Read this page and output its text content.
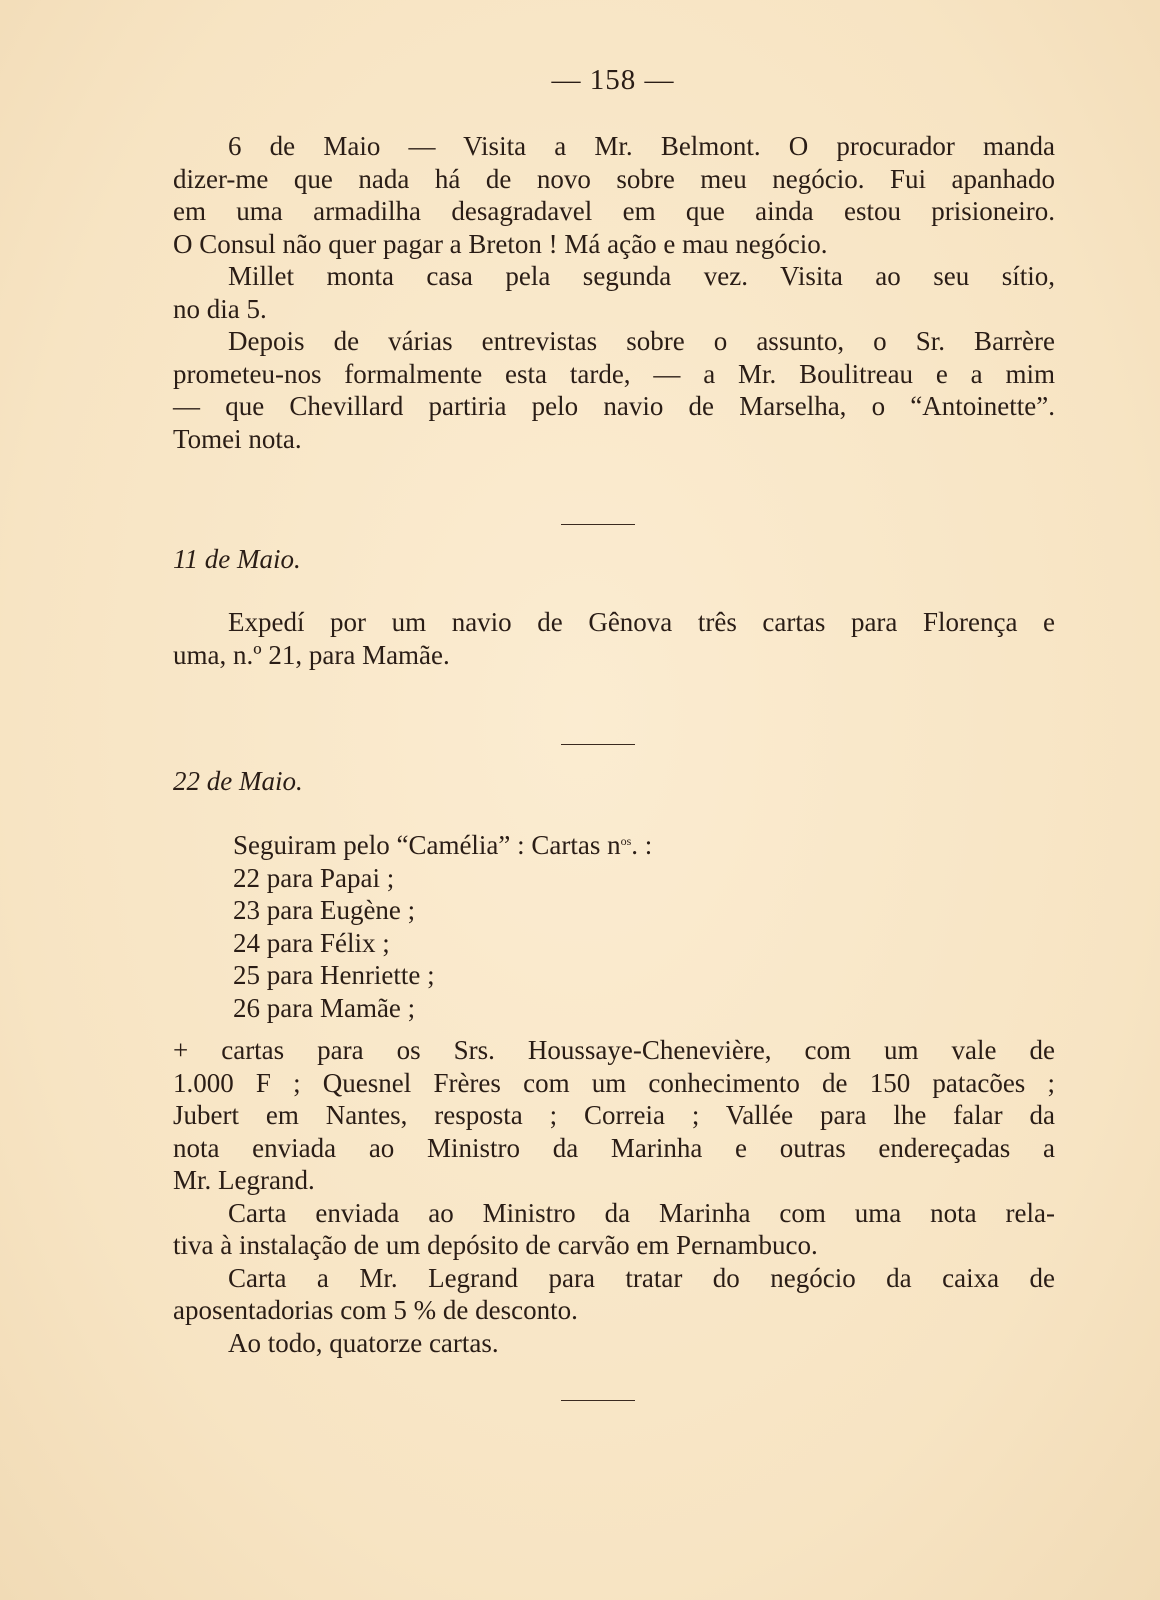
— 158 —
6 de Maio — Visita a Mr. Belmont. O procurador manda
dizer-me que nada há de novo sobre meu negócio. Fui apanhado
em uma armadilha desagradavel em que ainda estou prisioneiro.
O Consul não quer pagar a Breton ! Má ação e mau negócio.
Millet monta casa pela segunda vez. Visita ao seu sítio,
no dia 5.
Depois de várias entrevistas sobre o assunto, o Sr. Barrère
prometeu-nos formalmente esta tarde, — a Mr. Boulitreau e a mim
— que Chevillard partiria pelo navio de Marselha, o “Antoinette”.
Tomei nota.
11 de Maio.
Expedí por um navio de Gênova três cartas para Florença e
uma, n.º 21, para Mamãe.
22 de Maio.
Seguiram pelo “Camélia” : Cartas $n^{os}$. :
22 para Papai ;
23 para Eugène ;
24 para Félix ;
25 para Henriette ;
26 para Mamãe ;
+ cartas para os Srs. Houssaye-Chenevière, com um vale de
1.000 F ; Quesnel Frères com um conhecimento de 150 patacões ;
Jubert em Nantes, resposta ; Correia ; Vallée para lhe falar da
nota enviada ao Ministro da Marinha e outras endereçadas a
Mr. Legrand.
Carta enviada ao Ministro da Marinha com uma nota rela-
tiva à instalação de um depósito de carvão em Pernambuco.
Carta a Mr. Legrand para tratar do negócio da caixa de
aposentadorias com 5 % de desconto.
Ao todo, quatorze cartas.
